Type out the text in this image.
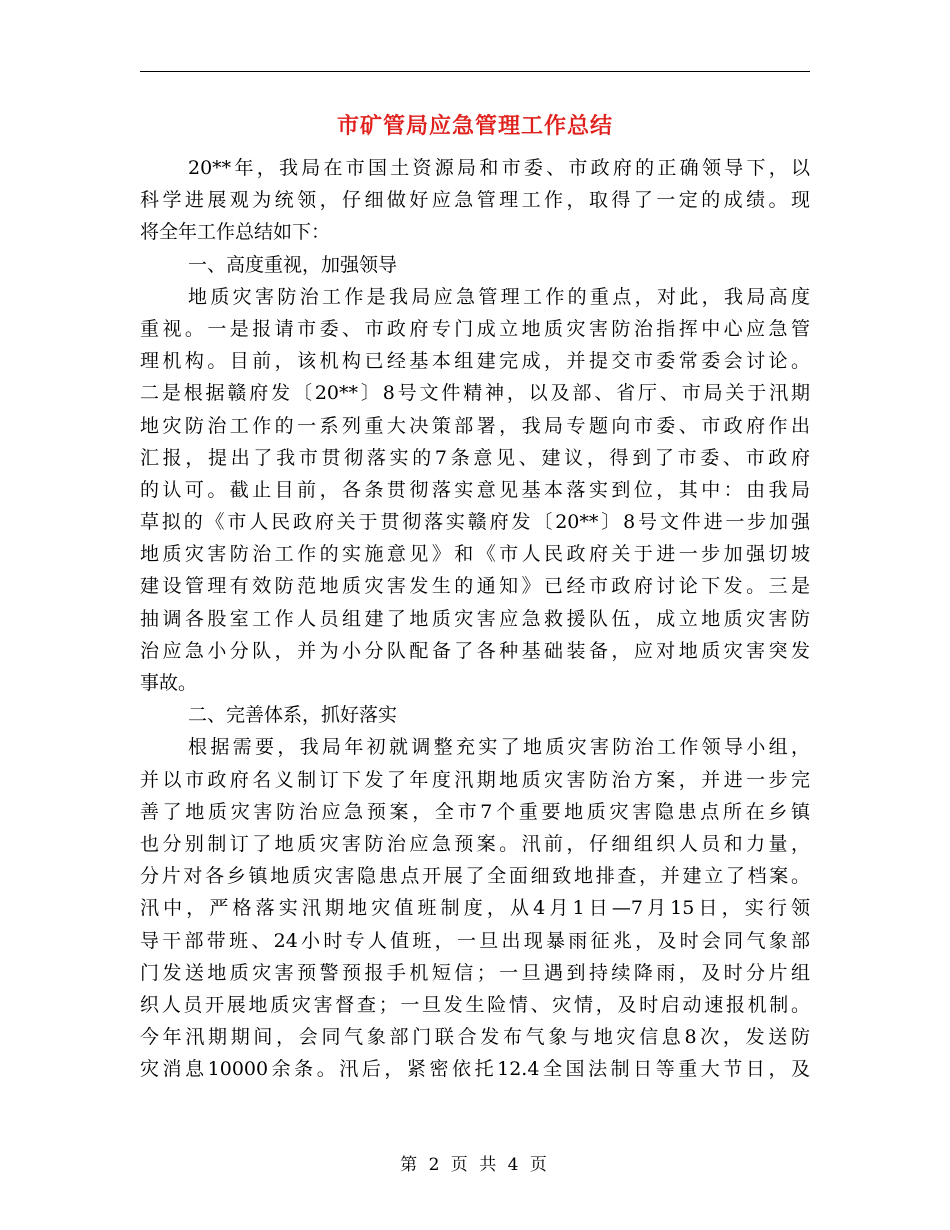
市矿管局应急管理工作总结
20**年，我局在市国土资源局和市委、市政府的正确领导下，以
科学进展观为统领，仔细做好应急管理工作，取得了一定的成绩。现
将全年工作总结如下：
一、高度重视，加强领导
地质灾害防治工作是我局应急管理工作的重点，对此，我局高度
重视。一是报请市委、市政府专门成立地质灾害防治指挥中心应急管
理机构。目前，该机构已经基本组建完成，并提交市委常委会讨论。
二是根据赣府发〔20**〕8号文件精神，以及部、省厅、市局关于汛期
地灾防治工作的一系列重大决策部署，我局专题向市委、市政府作出
汇报，提出了我市贯彻落实的7条意见、建议，得到了市委、市政府
的认可。截止目前，各条贯彻落实意见基本落实到位，其中：由我局
草拟的《市人民政府关于贯彻落实赣府发〔20**〕8号文件进一步加强
地质灾害防治工作的实施意见》和《市人民政府关于进一步加强切坡
建设管理有效防范地质灾害发生的通知》已经市政府讨论下发。三是
抽调各股室工作人员组建了地质灾害应急救援队伍，成立地质灾害防
治应急小分队，并为小分队配备了各种基础装备，应对地质灾害突发
事故。
二、完善体系，抓好落实
根据需要，我局年初就调整充实了地质灾害防治工作领导小组，
并以市政府名义制订下发了年度汛期地质灾害防治方案，并进一步完
善了地质灾害防治应急预案，全市7个重要地质灾害隐患点所在乡镇
也分别制订了地质灾害防治应急预案。汛前，仔细组织人员和力量，
分片对各乡镇地质灾害隐患点开展了全面细致地排查，并建立了档案。
汛中，严格落实汛期地灾值班制度，从4月1日—7月15日，实行领
导干部带班、24小时专人值班，一旦出现暴雨征兆，及时会同气象部
门发送地质灾害预警预报手机短信；一旦遇到持续降雨，及时分片组
织人员开展地质灾害督查；一旦发生险情、灾情，及时启动速报机制。
今年汛期期间，会同气象部门联合发布气象与地灾信息8次，发送防
灾消息10000余条。汛后，紧密依托12.4全国法制日等重大节日，及
第 2 页 共 4 页
